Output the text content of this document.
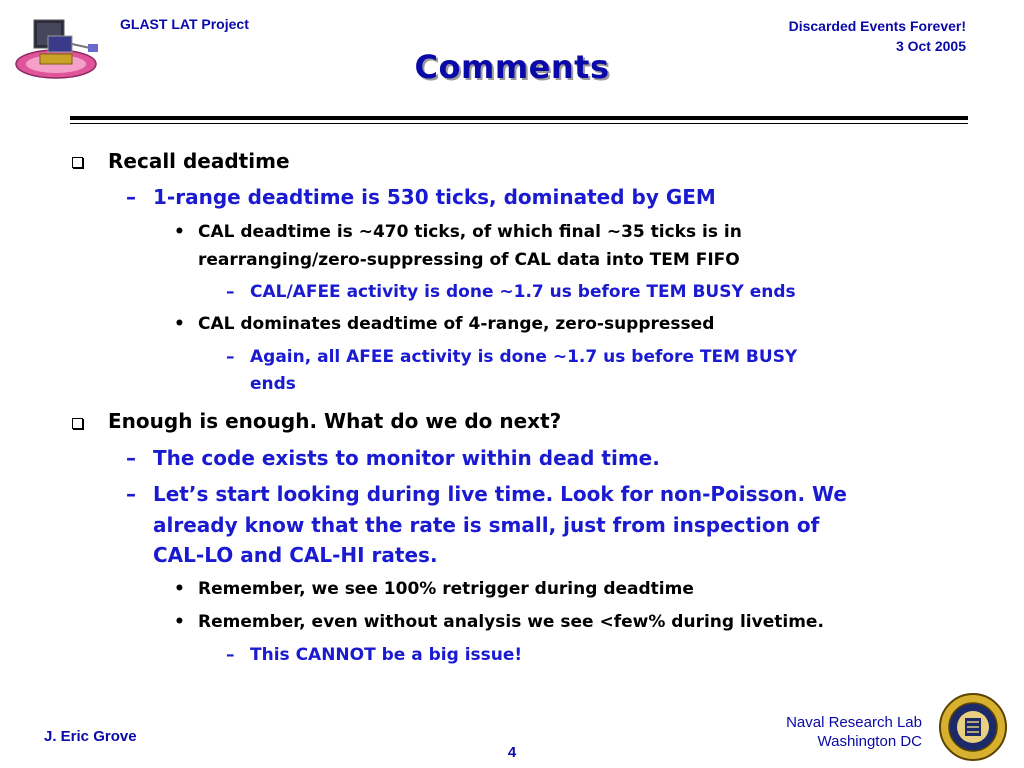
GLAST LAT Project	Discarded Events Forever!
3 Oct 2005
Comments
Recall deadtime
– 1-range deadtime is 530 ticks, dominated by GEM
• CAL deadtime is ~470 ticks, of which final ~35 ticks is in
rearranging/zero-suppressing of CAL data into TEM FIFO
– CAL/AFEE activity is done ~1.7 us before TEM BUSY ends
• CAL dominates deadtime of 4-range, zero-suppressed
– Again, all AFEE activity is done ~1.7 us before TEM BUSY
ends
Enough is enough. What do we do next?
– The code exists to monitor within dead time.
– Let’s start looking during live time. Look for non-Poisson. We
already know that the rate is small, just from inspection of
CAL-LO and CAL-HI rates.
• Remember, we see 100% retrigger during deadtime
• Remember, even without analysis we see <few% during livetime.
– This CANNOT be a big issue!
J. Eric Grove
4
Naval Research Lab
Washington DC
